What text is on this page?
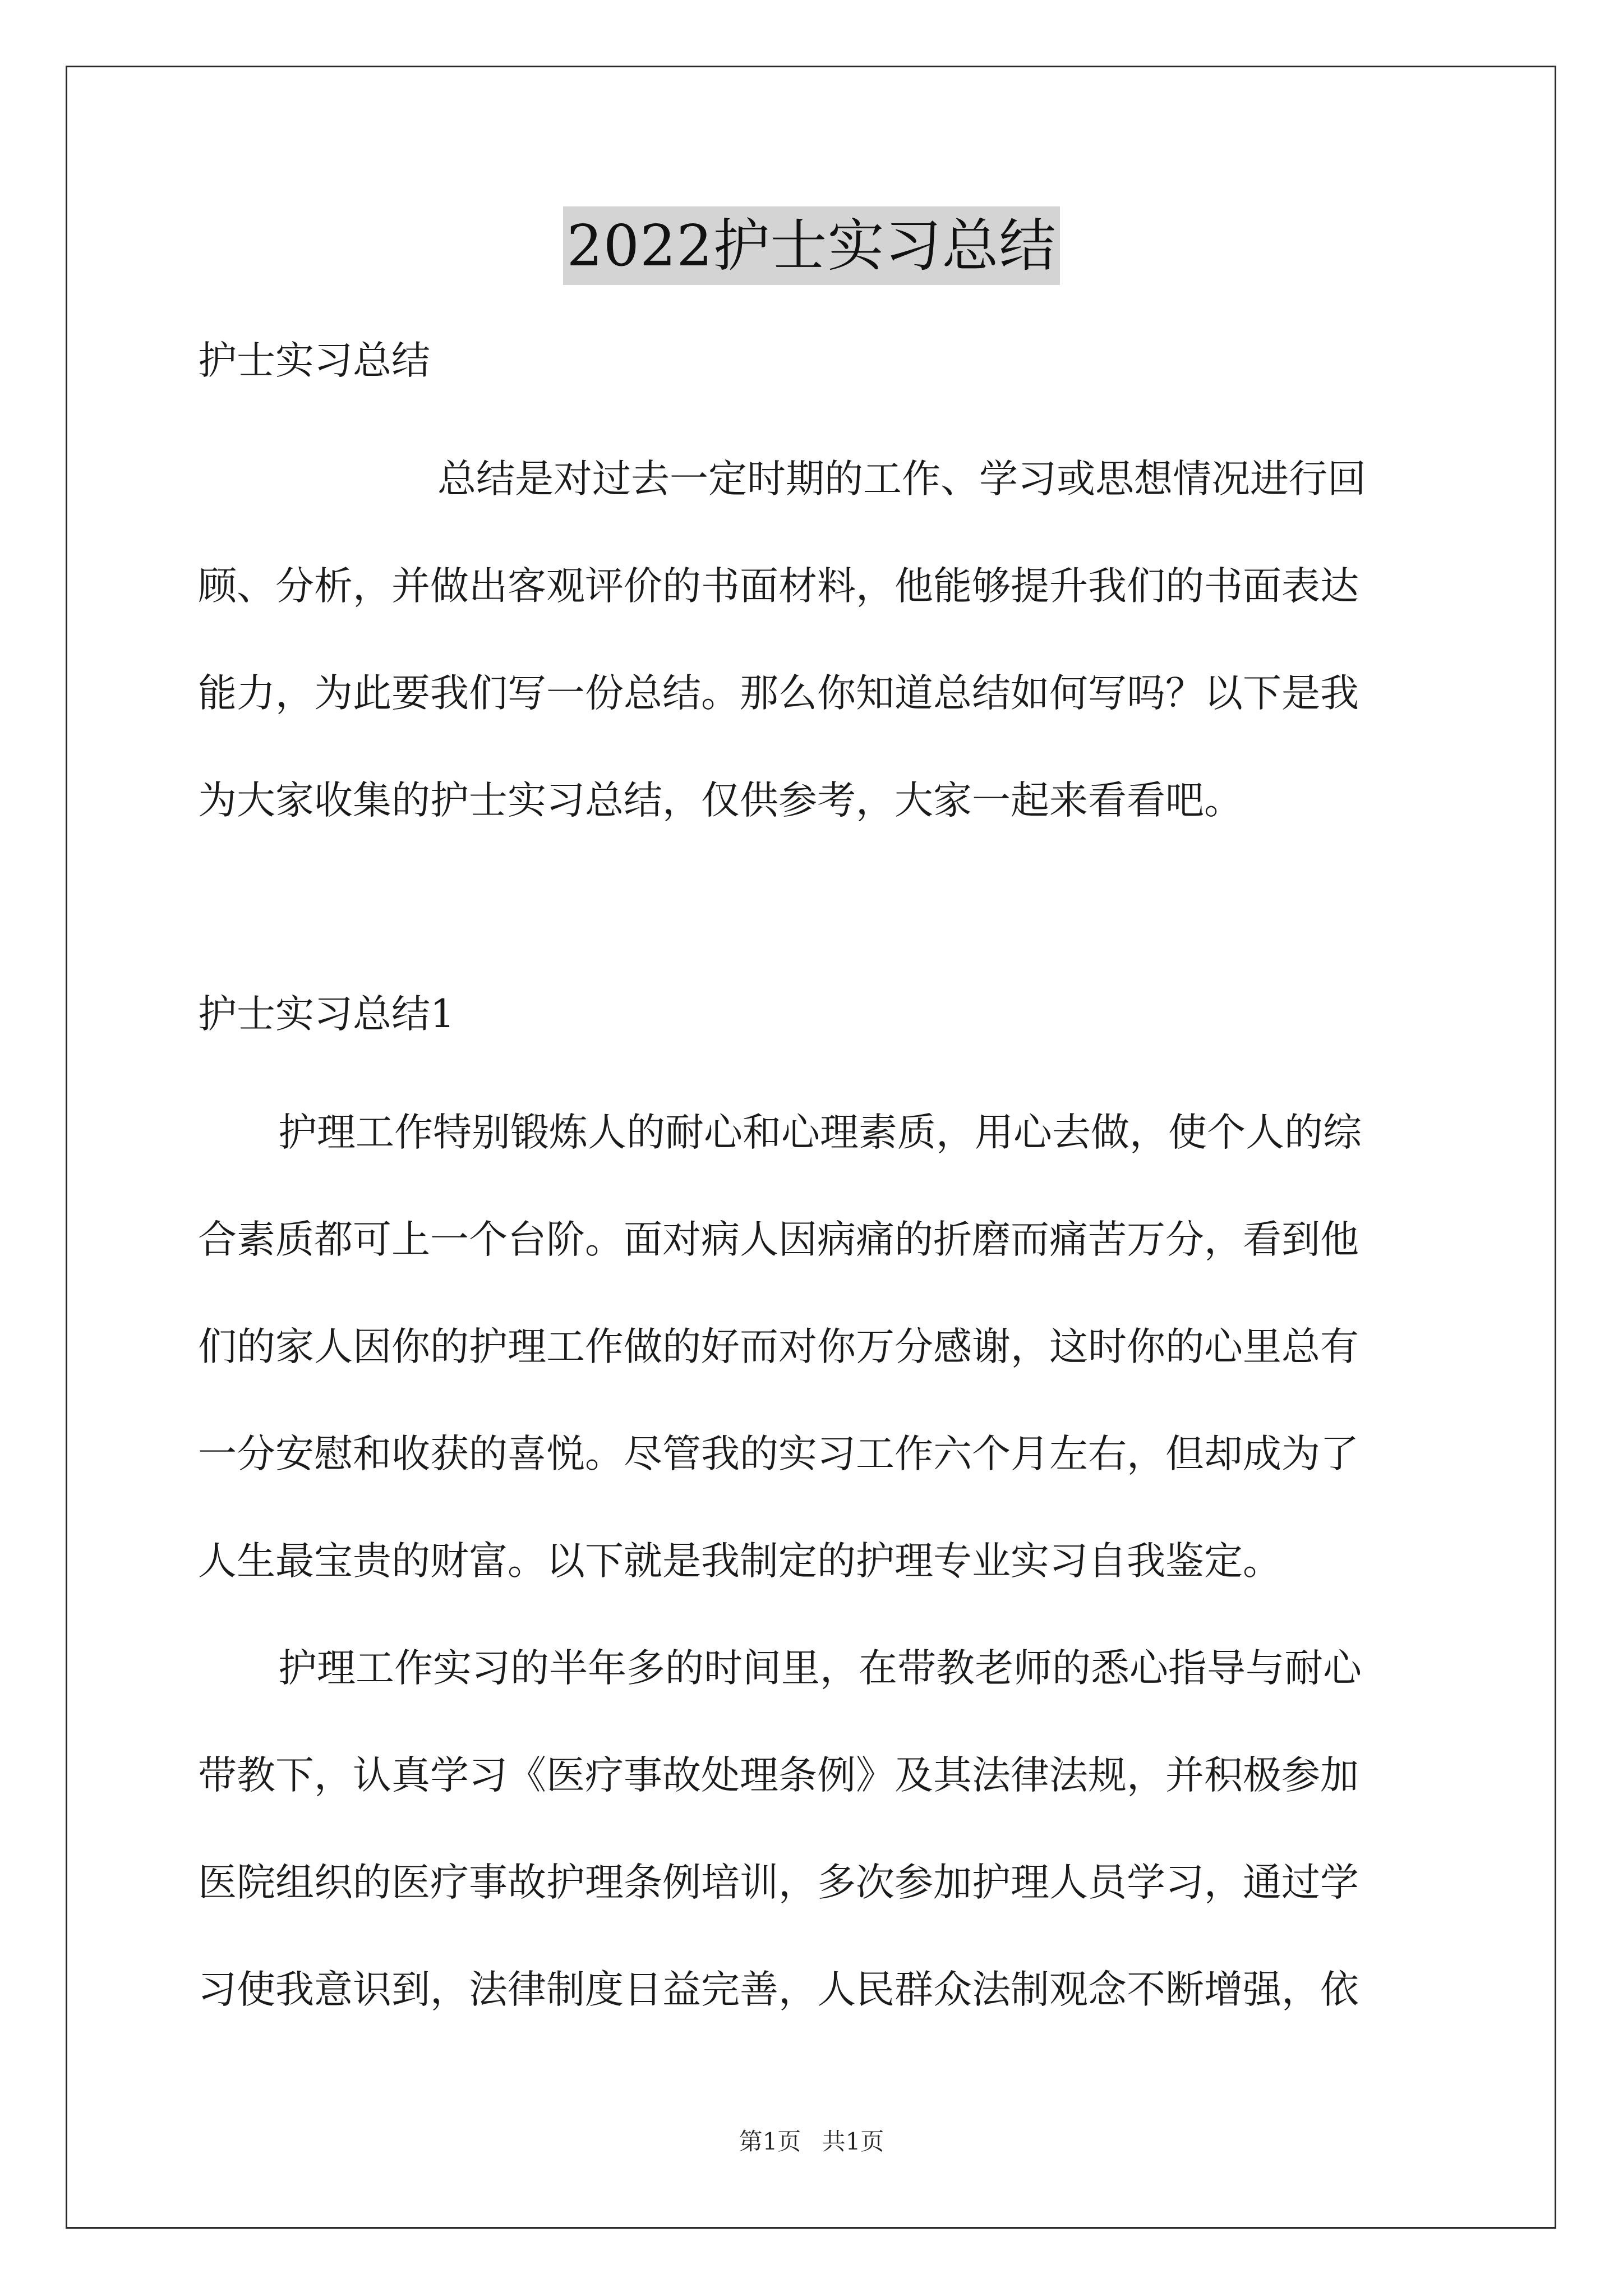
2022护士实习总结
护士实习总结
总结是对过去一定时期的工作、学习或思想情况进行回
顾、分析，并做出客观评价的书面材料，他能够提升我们的书面表达
能力，为此要我们写一份总结。那么你知道总结如何写吗？以下是我
为大家收集的护士实习总结，仅供参考，大家一起来看看吧。
护士实习总结1
护理工作特别锻炼人的耐心和心理素质，用心去做，使个人的综
合素质都可上一个台阶。面对病人因病痛的折磨而痛苦万分，看到他
们的家人因你的护理工作做的好而对你万分感谢，这时你的心里总有
一分安慰和收获的喜悦。尽管我的实习工作六个月左右，但却成为了
人生最宝贵的财富。以下就是我制定的护理专业实习自我鉴定。
护理工作实习的半年多的时间里，在带教老师的悉心指导与耐心
带教下，认真学习《医疗事故处理条例》及其法律法规，并积极参加
医院组织的医疗事故护理条例培训，多次参加护理人员学习，通过学
习使我意识到，法律制度日益完善，人民群众法制观念不断增强，依
第1页 共1页
